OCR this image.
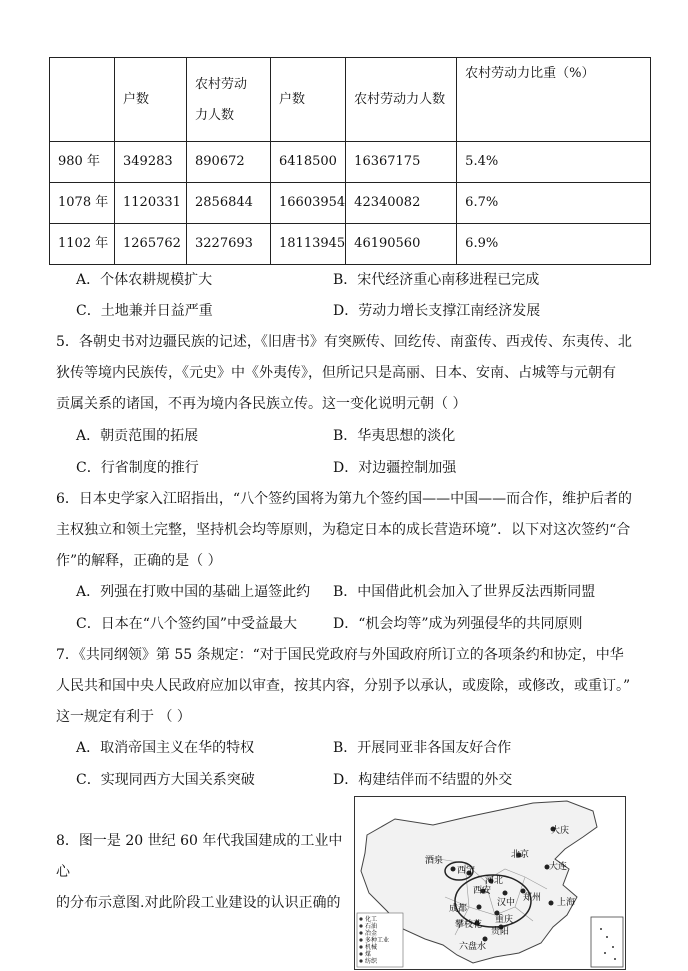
	户数	农村劳动力人数	户数	农村劳动力人数	农村劳动力比重（%）
980 年	349283	890672	6418500	16367175	5.4%
1078 年	1120331	2856844	16603954	42340082	6.7%
1102 年	1265762	3227693	18113945	46190560	6.9%
A．个体农耕规模扩大	B．宋代经济重心南移进程已完成
C．土地兼并日益严重	D．劳动力增长支撑江南经济发展
5．各朝史书对边疆民族的记述，《旧唐书》有突厥传、回纥传、南蛮传、西戎传、东夷传、北
狄传等境内民族传，《元史》中《外夷传》，但所记只是高丽、日本、安南、占城等与元朝有
贡属关系的诸国，不再为境内各民族立传。这一变化说明元朝（ ）
A．朝贡范围的拓展	B．华夷思想的淡化
C．行省制度的推行	D．对边疆控制加强
6．日本史学家入江昭指出，“八个签约国将为第九个签约国——中国——而合作，维护后者的
主权独立和领土完整，坚持机会均等原则，为稳定日本的成长营造环境”．以下对这次签约“合
作”的解释，正确的是（ ）
A．列强在打败中国的基础上逼签此约 B．中国借此机会加入了世界反法西斯同盟
C．日本在“八个签约国”中受益最大	D．“机会均等”成为列强侵华的共同原则
7．《共同纲领》第 55 条规定：“对于国民党政府与外国政府所订立的各项条约和协定，中华
人民共和国中央人民政府应加以审查，按其内容，分别予以承认，或废除，或修改，或重订。”
这一规定有利于 （ ）
A．取消帝国主义在华的特权	B．开展同亚非各国友好合作
C．实现同西方大国关系突破	D．构建结伴而不结盟的外交
8．图一是 20 世纪 60 年代我国建成的工业中心
的分布示意图.对此阶段工业建设的认识正确的
大庆
北京
大连
酒泉
西宁
河北
西安
郑州
汉中	上海
成都
重庆
攀枝花
贵阳
六盘水
化工
石油
冶金
多种工业
机械
煤
纺织
